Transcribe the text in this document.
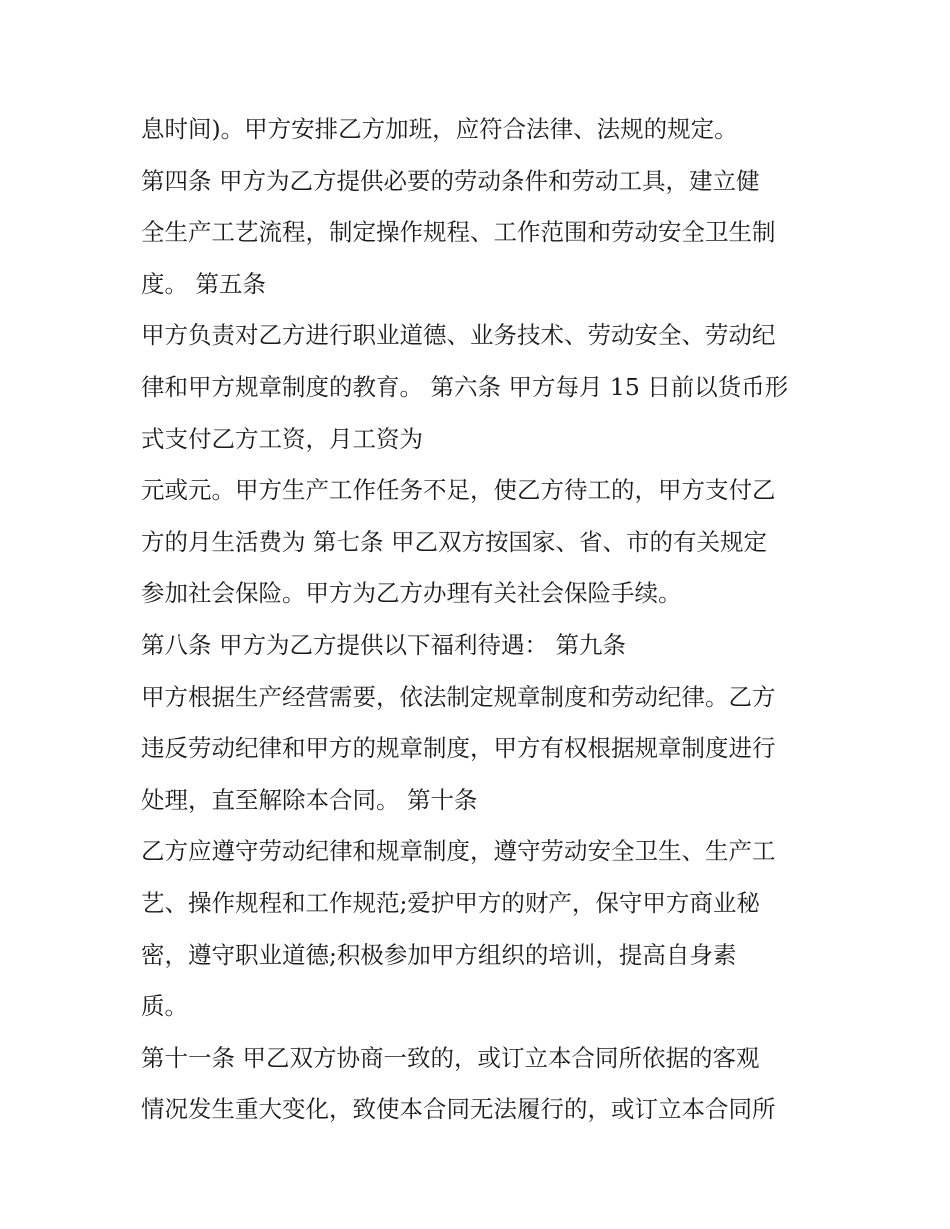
息时间)。甲方安排乙方加班，应符合法律、法规的规定。
第四条 甲方为乙方提供必要的劳动条件和劳动工具，建立健
全生产工艺流程，制定操作规程、工作范围和劳动安全卫生制
度。 第五条
甲方负责对乙方进行职业道德、业务技术、劳动安全、劳动纪
律和甲方规章制度的教育。 第六条 甲方每月 15 日前以货币形
式支付乙方工资，月工资为
元或元。甲方生产工作任务不足，使乙方待工的，甲方支付乙
方的月生活费为 第七条 甲乙双方按国家、省、市的有关规定
参加社会保险。甲方为乙方办理有关社会保险手续。
第八条 甲方为乙方提供以下福利待遇： 第九条
甲方根据生产经营需要，依法制定规章制度和劳动纪律。乙方
违反劳动纪律和甲方的规章制度，甲方有权根据规章制度进行
处理，直至解除本合同。 第十条
乙方应遵守劳动纪律和规章制度，遵守劳动安全卫生、生产工
艺、操作规程和工作规范;爱护甲方的财产，保守甲方商业秘
密，遵守职业道德;积极参加甲方组织的培训，提高自身素
质。
第十一条 甲乙双方协商一致的，或订立本合同所依据的客观
情况发生重大变化，致使本合同无法履行的，或订立本合同所
